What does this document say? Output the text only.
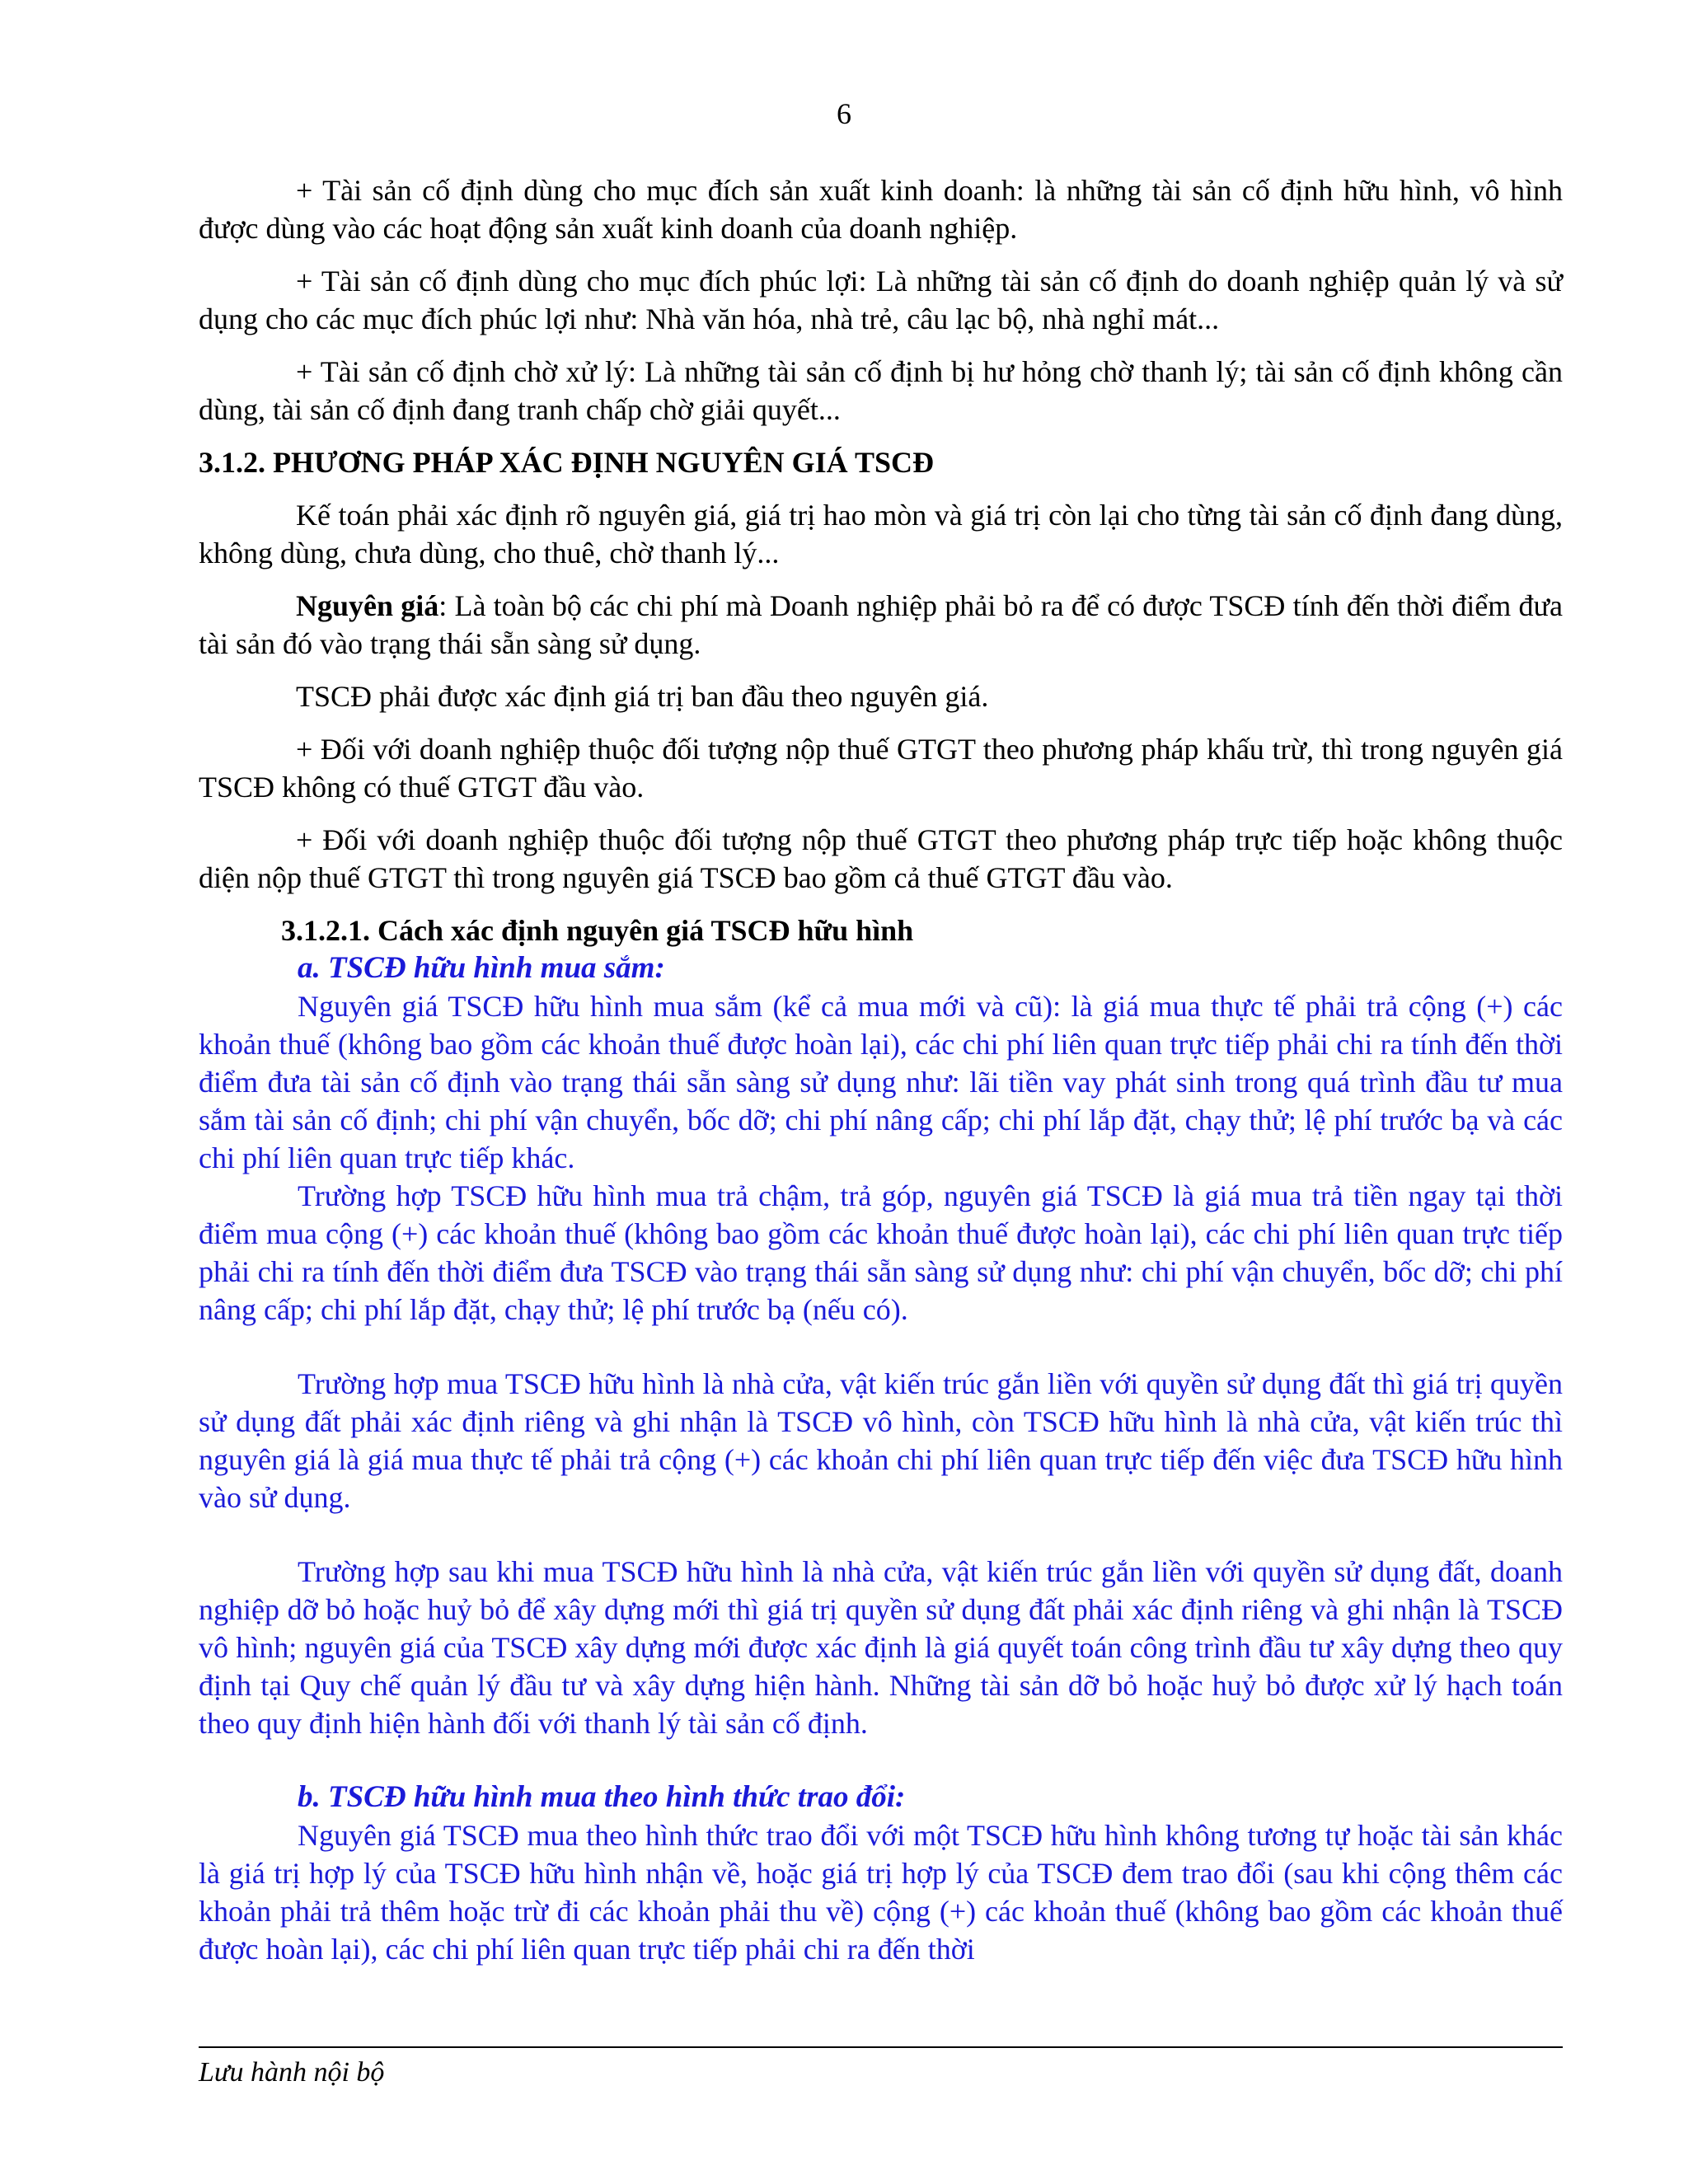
6

+ Tài sản cố định dùng cho mục đích sản xuất kinh doanh: là những tài sản cố định hữu hình, vô hình được dùng vào các hoạt động sản xuất kinh doanh của doanh nghiệp.

+ Tài sản cố định dùng cho mục đích phúc lợi: Là những tài sản cố định do doanh nghiệp quản lý và sử dụng cho các mục đích phúc lợi như: Nhà văn hóa, nhà trẻ, câu lạc bộ, nhà nghỉ mát...

+ Tài sản cố định chờ xử lý: Là những tài sản cố định bị hư hỏng chờ thanh lý; tài sản cố định không cần dùng, tài sản cố định đang tranh chấp chờ giải quyết...

3.1.2. PHƯƠNG PHÁP XÁC ĐỊNH NGUYÊN GIÁ TSCĐ

Kế toán phải xác định rõ nguyên giá, giá trị hao mòn và giá trị còn lại cho từng tài sản cố định đang dùng, không dùng, chưa dùng, cho thuê, chờ thanh lý...

Nguyên giá: Là toàn bộ các chi phí mà Doanh nghiệp phải bỏ ra để có được TSCĐ tính đến thời điểm đưa tài sản đó vào trạng thái sẵn sàng sử dụng.

TSCĐ phải được xác định giá trị ban đầu theo nguyên giá.

+ Đối với doanh nghiệp thuộc đối tượng nộp thuế GTGT theo phương pháp khấu trừ, thì trong nguyên giá TSCĐ không có thuế GTGT đầu vào.

+ Đối với doanh nghiệp thuộc đối tượng nộp thuế GTGT theo phương pháp trực tiếp hoặc không thuộc diện nộp thuế GTGT thì trong nguyên giá TSCĐ bao gồm cả thuế GTGT đầu vào.

3.1.2.1. Cách xác định nguyên giá TSCĐ hữu hình
a. TSCĐ hữu hình mua sắm:

Nguyên giá TSCĐ hữu hình mua sắm (kể cả mua mới và cũ): là giá mua thực tế phải trả cộng (+) các khoản thuế (không bao gồm các khoản thuế được hoàn lại), các chi phí liên quan trực tiếp phải chi ra tính đến thời điểm đưa tài sản cố định vào trạng thái sẵn sàng sử dụng như: lãi tiền vay phát sinh trong quá trình đầu tư mua sắm tài sản cố định; chi phí vận chuyển, bốc dỡ; chi phí nâng cấp; chi phí lắp đặt, chạy thử; lệ phí trước bạ và các chi phí liên quan trực tiếp khác.

Trường hợp TSCĐ hữu hình mua trả chậm, trả góp, nguyên giá TSCĐ là giá mua trả tiền ngay tại thời điểm mua cộng (+) các khoản thuế (không bao gồm các khoản thuế được hoàn lại), các chi phí liên quan trực tiếp phải chi ra tính đến thời điểm đưa TSCĐ vào trạng thái sẵn sàng sử dụng như: chi phí vận chuyển, bốc dỡ; chi phí nâng cấp; chi phí lắp đặt, chạy thử; lệ phí trước bạ (nếu có).

Trường hợp mua TSCĐ hữu hình là nhà cửa, vật kiến trúc gắn liền với quyền sử dụng đất thì giá trị quyền sử dụng đất phải xác định riêng và ghi nhận là TSCĐ vô hình, còn TSCĐ hữu hình là nhà cửa, vật kiến trúc thì nguyên giá là giá mua thực tế phải trả cộng (+) các khoản chi phí liên quan trực tiếp đến việc đưa TSCĐ hữu hình vào sử dụng.

Trường hợp sau khi mua TSCĐ hữu hình là nhà cửa, vật kiến trúc gắn liền với quyền sử dụng đất, doanh nghiệp dỡ bỏ hoặc huỷ bỏ để xây dựng mới thì giá trị quyền sử dụng đất phải xác định riêng và ghi nhận là TSCĐ vô hình; nguyên giá của TSCĐ xây dựng mới được xác định là giá quyết toán công trình đầu tư xây dựng theo quy định tại Quy chế quản lý đầu tư và xây dựng hiện hành. Những tài sản dỡ bỏ hoặc huỷ bỏ được xử lý hạch toán theo quy định hiện hành đối với thanh lý tài sản cố định.

b. TSCĐ hữu hình mua theo hình thức trao đổi:

Nguyên giá TSCĐ mua theo hình thức trao đổi với một TSCĐ hữu hình không tương tự hoặc tài sản khác là giá trị hợp lý của TSCĐ hữu hình nhận về, hoặc giá trị hợp lý của TSCĐ đem trao đổi (sau khi cộng thêm các khoản phải trả thêm hoặc trừ đi các khoản phải thu về) cộng (+) các khoản thuế (không bao gồm các khoản thuế được hoàn lại), các chi phí liên quan trực tiếp phải chi ra đến thời

Lưu hành nội bộ
